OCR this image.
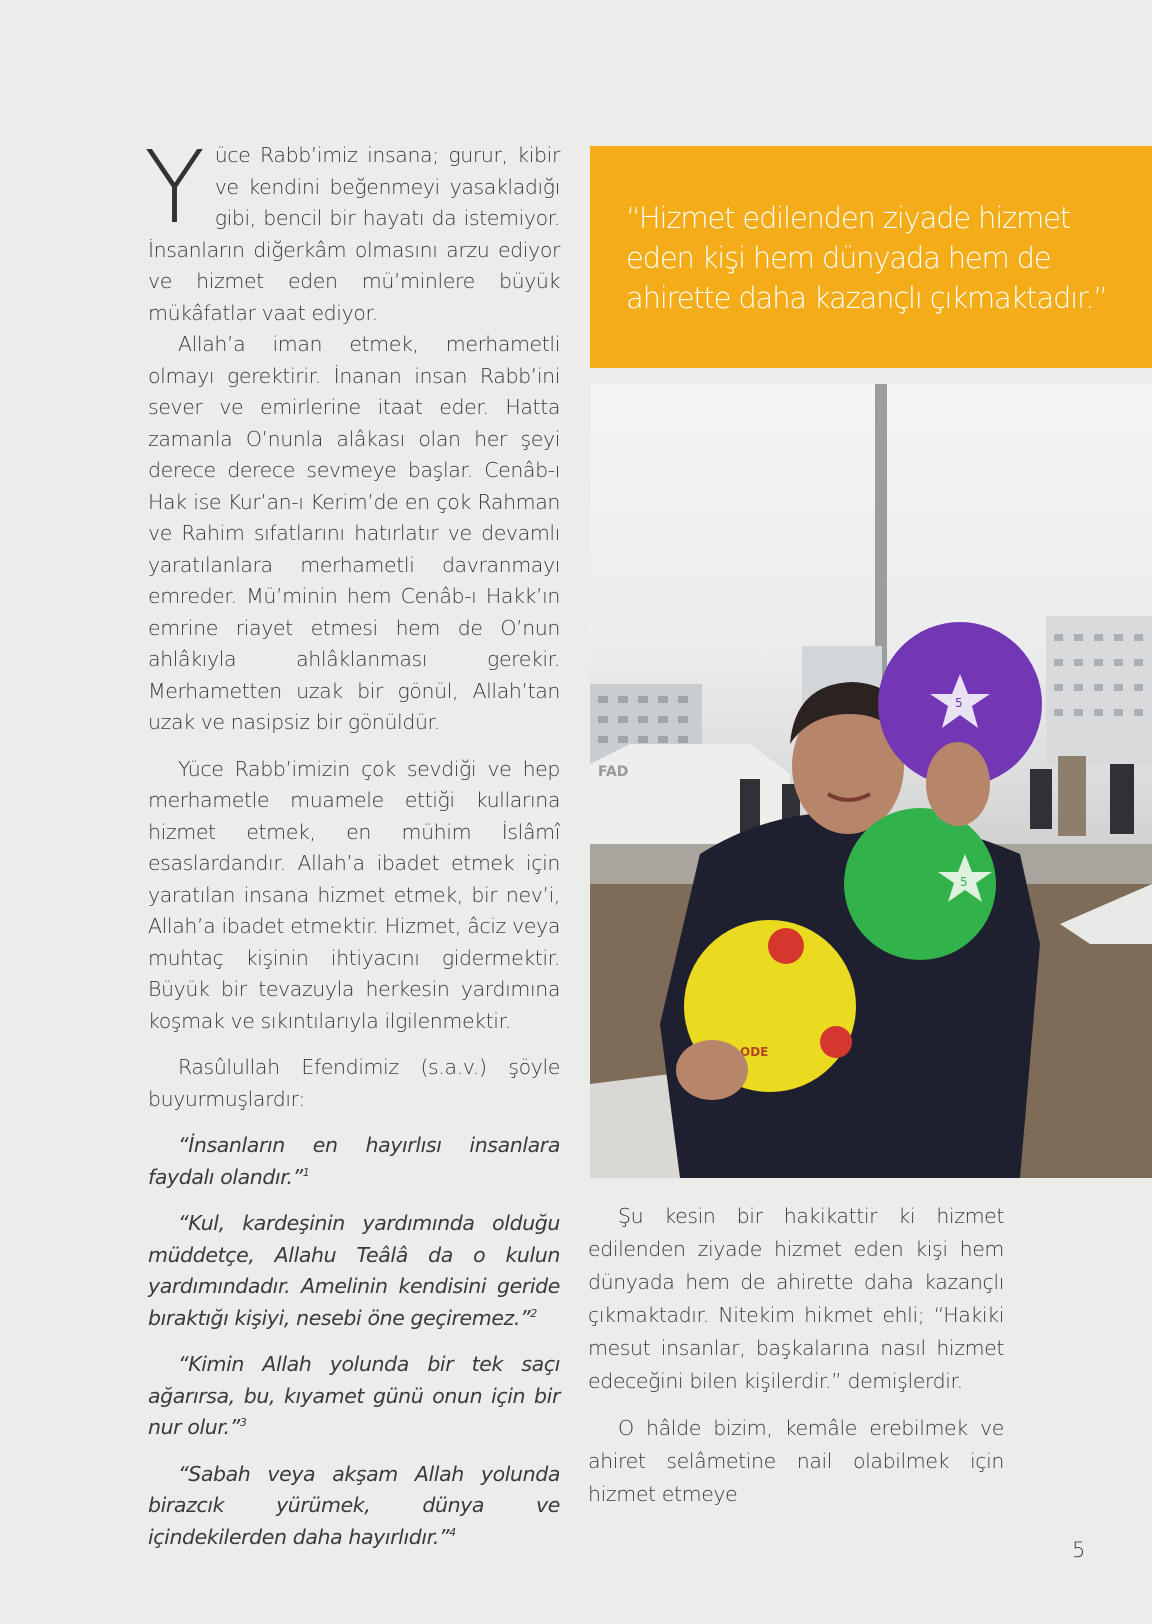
Yüce Rabb’imiz insana; gurur, kibir ve kendini beğenmeyi yasakladığı gibi, bencil bir hayatı da istemiyor. İnsanların diğerkâm olmasını arzu ediyor ve hizmet eden mü’minlere büyük mükâfatlar vaat ediyor.

Allah’a iman etmek, merhametli olmayı gerektirir. İnanan insan Rabb’ini sever ve emirlerine itaat eder. Hatta zamanla O’nunla alâkası olan her şeyi derece derece sevmeye başlar. Cenâb-ı Hak ise Kur’an-ı Kerim’de en çok Rahman ve Rahim sıfatlarını hatırlatır ve devamlı yaratılanlara merhametli davranmayı emreder. Mü’minin hem Cenâb-ı Hakk’ın emrine riayet etmesi hem de O’nun ahlâkıyla ahlâklanması gerekir. Merhametten uzak bir gönül, Allah’tan uzak ve nasipsiz bir gönüldür.

Yüce Rabb’imizin çok sevdiği ve hep merhametle muamele ettiği kullarına hizmet etmek, en mühim İslâmî esaslardandır. Allah’a ibadet etmek için yaratılan insana hizmet etmek, bir nev’i, Allah’a ibadet etmektir. Hizmet, âciz veya muhtaç kişinin ihtiyacını gidermektir. Büyük bir tevazuyla herkesin yardımına koşmak ve sıkıntılarıyla ilgilenmektir.

Rasûlullah Efendimiz (s.a.v.) şöyle buyurmuşlardır:

“İnsanların en hayırlısı insanlara faydalı olandır.”$^1$

“Kul, kardeşinin yardımında olduğu müddetçe, Allahu Teâlâ da o kulun yardımındadır. Amelinin kendisini geride bıraktığı kişiyi, nesebi öne geçiremez.”$^2$

“Kimin Allah yolunda bir tek saçı ağarırsa, bu, kıyamet günü onun için bir nur olur.”$^3$

“Sabah veya akşam Allah yolunda birazcık yürümek, dünya ve içindekilerden daha hayırlıdır.”$^4$

“Hizmet edilenden ziyade hizmet eden kişi hem dünyada hem de ahirette daha kazançlı çıkmaktadır.”
FAD
5
5
ODE

Şu kesin bir hakikattir ki hizmet edilenden ziyade hizmet eden kişi hem dünyada hem de ahirette daha kazançlı çıkmaktadır. Nitekim hikmet ehli; “Hakiki mesut insanlar, başkalarına nasıl hizmet edeceğini bilen kişilerdir.” demişlerdir.

O hâlde bizim, kemâle erebilmek ve ahiret selâmetine nail olabilmek için hizmet etmeye

5
